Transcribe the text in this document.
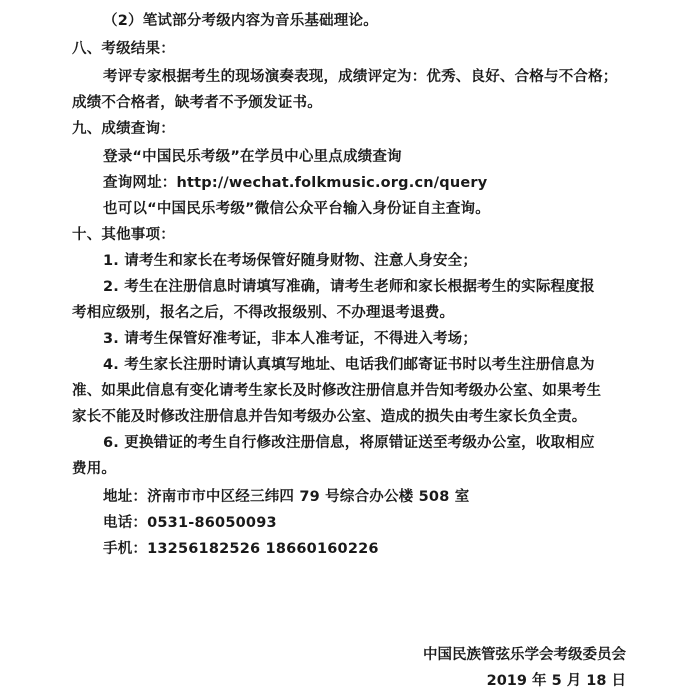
（2）笔试部分考级内容为音乐基础理论。
八、考级结果：
考评专家根据考生的现场演奏表现，成绩评定为：优秀、良好、合格与不合格；
成绩不合格者，缺考者不予颁发证书。
九、成绩查询：
登录“中国民乐考级”在学员中心里点成绩查询
查询网址：http://wechat.folkmusic.org.cn/query
也可以“中国民乐考级”微信公众平台输入身份证自主查询。
十、其他事项：
1. 请考生和家长在考场保管好随身财物、注意人身安全；
2. 考生在注册信息时请填写准确，请考生老师和家长根据考生的实际程度报
考相应级别，报名之后，不得改报级别、不办理退考退费。
3. 请考生保管好准考证，非本人准考证，不得进入考场；
4. 考生家长注册时请认真填写地址、电话我们邮寄证书时以考生注册信息为
准、如果此信息有变化请考生家长及时修改注册信息并告知考级办公室、如果考生
家长不能及时修改注册信息并告知考级办公室、造成的损失由考生家长负全责。
6. 更换错证的考生自行修改注册信息，将原错证送至考级办公室，收取相应
费用。
地址：济南市市中区经三纬四 79 号综合办公楼 508 室
电话：0531-86050093
手机：13256182526 18660160226
中国民族管弦乐学会考级委员会
2019 年 5 月 18 日
